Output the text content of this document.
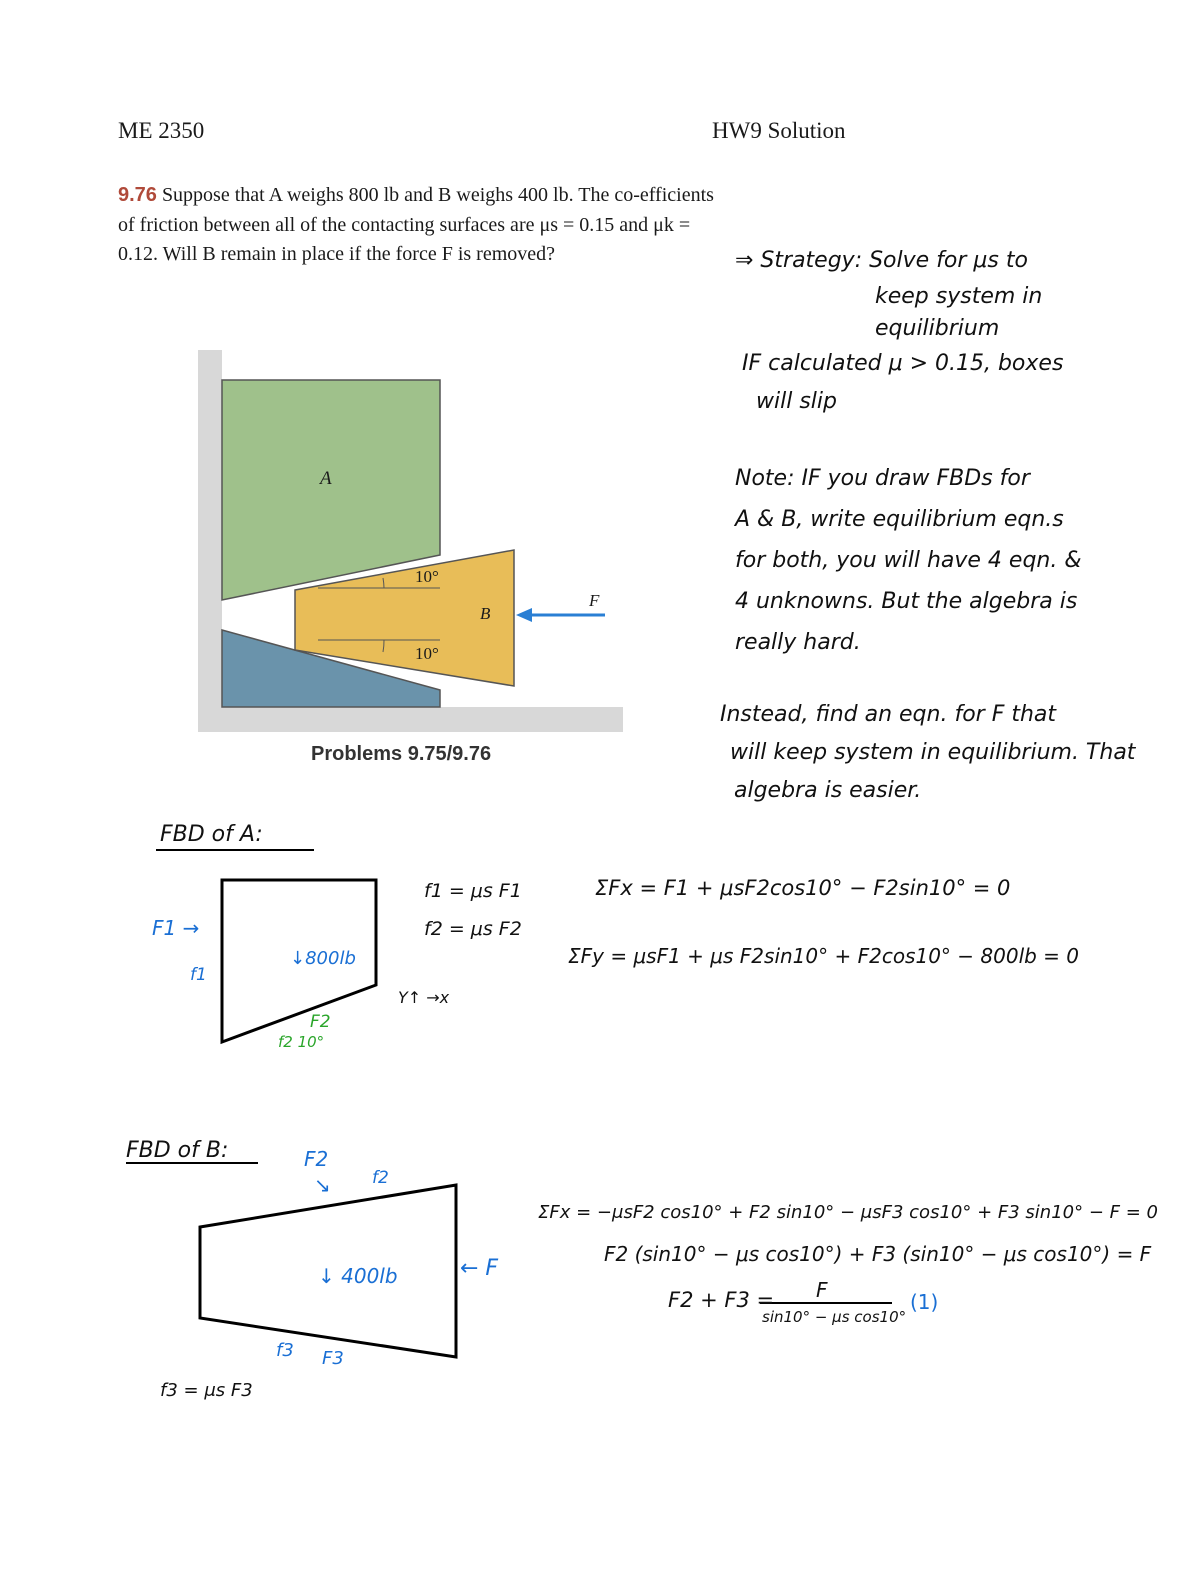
ME 2350	HW9 Solution
9.76 Suppose that A weighs 800 lb and B weighs 400 lb. The co-efficients of friction between all of the contacting surfaces are μs = 0.15 and μk = 0.12. Will B remain in place if the force F is removed?
A
B
F
10°
10°
Problems 9.75/9.76
⇒ Strategy: Solve for μs to
keep system in
equilibrium
IF calculated μ > 0.15, boxes
will slip
Note: IF you draw FBDs for
A & B, write equilibrium eqn.s
for both, you will have 4 eqn. &
4 unknowns. But the algebra is
really hard.
Instead, find an eqn. for F that
will keep system in equilibrium. That
algebra is easier.
FBD of A:
F1 →
f1
↓800lb
F2
f2 10°
Y↑ →x
f1 = μs F1
f2 = μs F2
ΣFx = F1 + μsF2cos10° − F2sin10° = 0
ΣFy = μsF1 + μs F2sin10° + F2cos10° − 800lb = 0
FBD of B:	F2
f2
↘
↓ 400lb	← F
f3 F3
f3 = μs F3
ΣFx = −μsF2 cos10° + F2 sin10° − μsF3 cos10° + F3 sin10° − F = 0
F2 (sin10° − μs cos10°) + F3 (sin10° − μs cos10°) = F
F2 + F3 = F
sin10° − μs cos10°
(1)
